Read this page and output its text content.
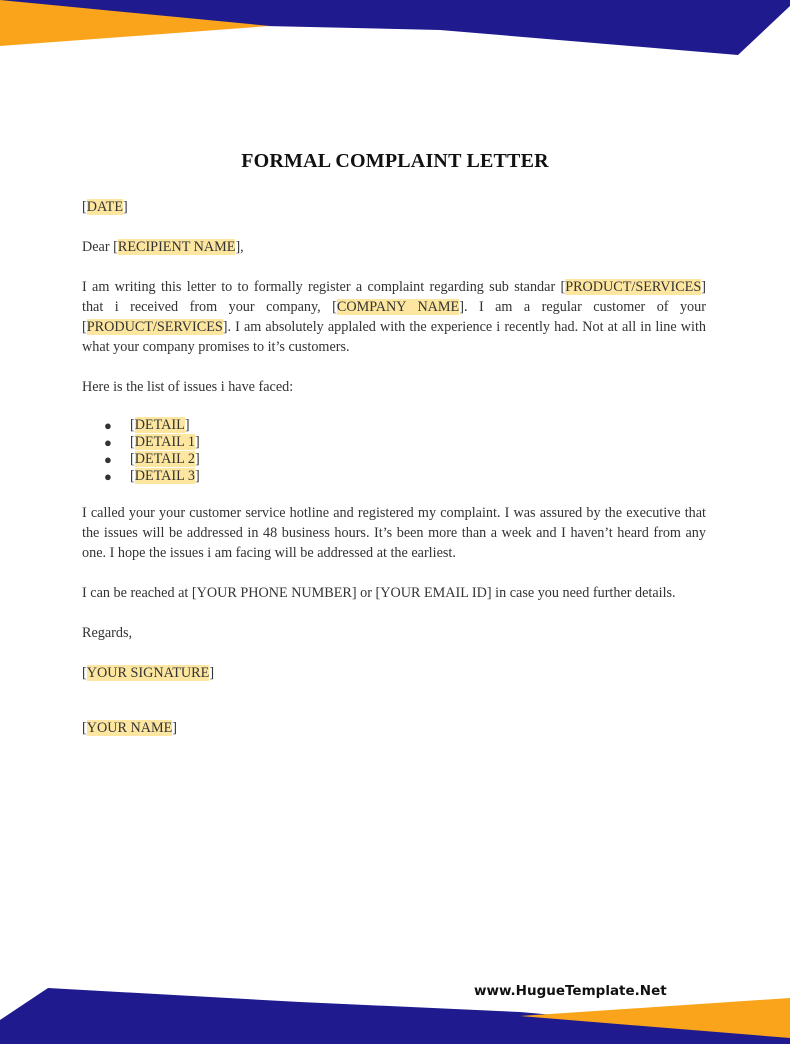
FORMAL COMPLAINT LETTER

[DATE]

Dear [RECIPIENT NAME],

I am writing this letter to to formally register a complaint regarding sub standar [PRODUCT/SERVICES] that i received from your company, [COMPANY NAME]. I am a regular customer of your [PRODUCT/SERVICES]. I am absolutely applaled with the experience i recently had. Not at all in line with what your company promises to it’s customers.

Here is the list of issues i have faced:

● [DETAIL]
● [DETAIL 1]
● [DETAIL 2]
● [DETAIL 3]

I called your your customer service hotline and registered my complaint. I was assured by the executive that the issues will be addressed in 48 business hours. It’s been more than a week and I haven’t heard from any one. I hope the issues i am facing will be addressed at the earliest.

I can be reached at [YOUR PHONE NUMBER] or [YOUR EMAIL ID] in case you need further details.

Regards,

[YOUR SIGNATURE]

[YOUR NAME]

www.HugueTemplate.Net
